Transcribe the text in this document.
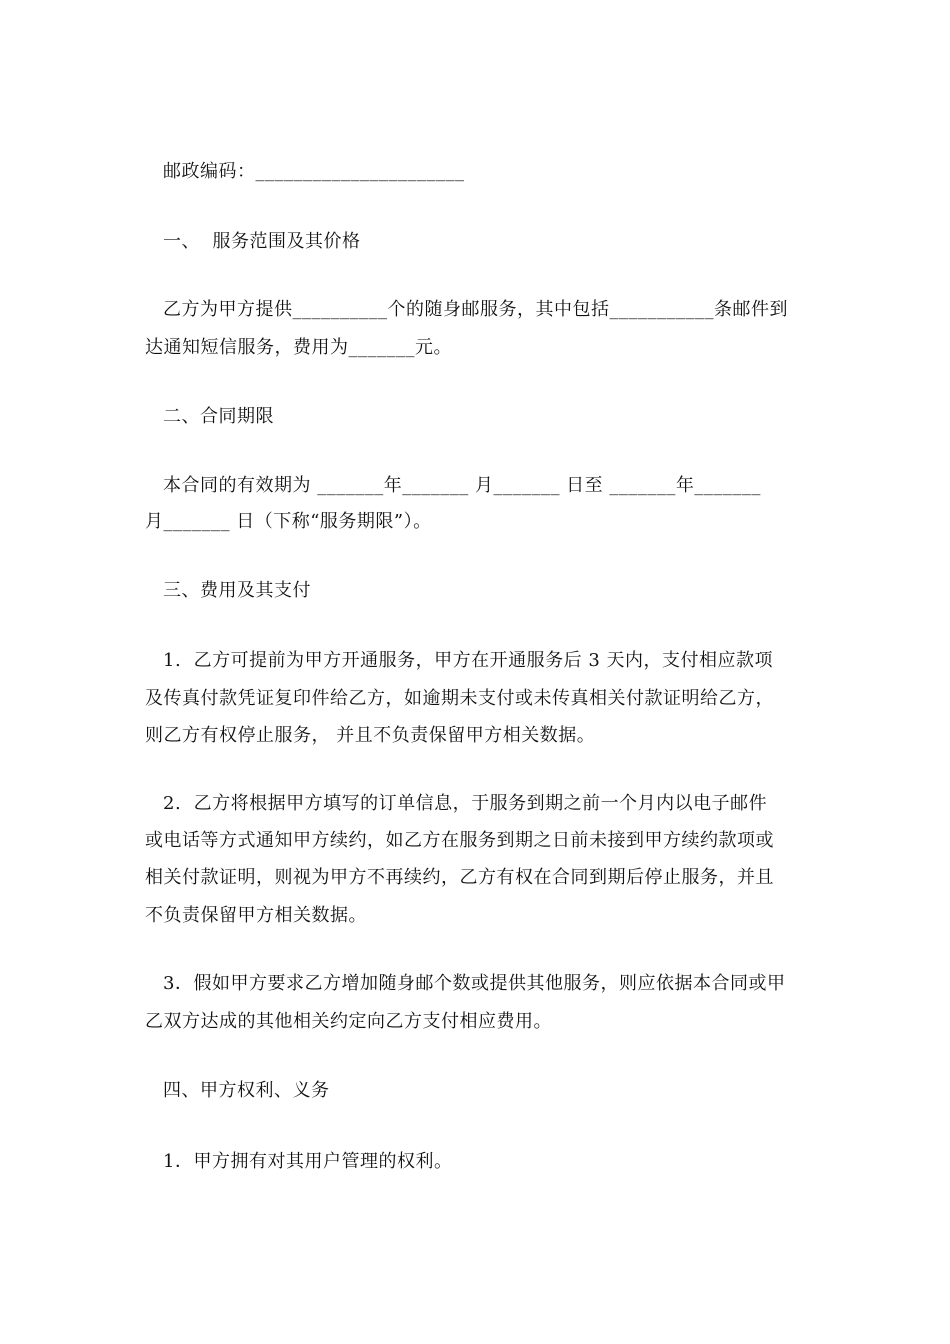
邮政编码：______________________
一、  服务范围及其价格
乙方为甲方提供__________个的随身邮服务，其中包括___________条邮件到
达通知短信服务，费用为_______元。
二、合同期限
本合同的有效期为 _______年_______ 月_______ 日至 _______年_______
月_______ 日（下称“服务期限”）。
三、费用及其支付
1.  乙方可提前为甲方开通服务，甲方在开通服务后 3 天内，支付相应款项
及传真付款凭证复印件给乙方，如逾期未支付或未传真相关付款证明给乙方，
则乙方有权停止服务， 并且不负责保留甲方相关数据。
2.  乙方将根据甲方填写的订单信息，于服务到期之前一个月内以电子邮件
或电话等方式通知甲方续约，如乙方在服务到期之日前未接到甲方续约款项或
相关付款证明，则视为甲方不再续约，乙方有权在合同到期后停止服务，并且
不负责保留甲方相关数据。
3．假如甲方要求乙方增加随身邮个数或提供其他服务，则应依据本合同或甲
乙双方达成的其他相关约定向乙方支付相应费用。
四、甲方权利、义务
1．甲方拥有对其用户管理的权利。
